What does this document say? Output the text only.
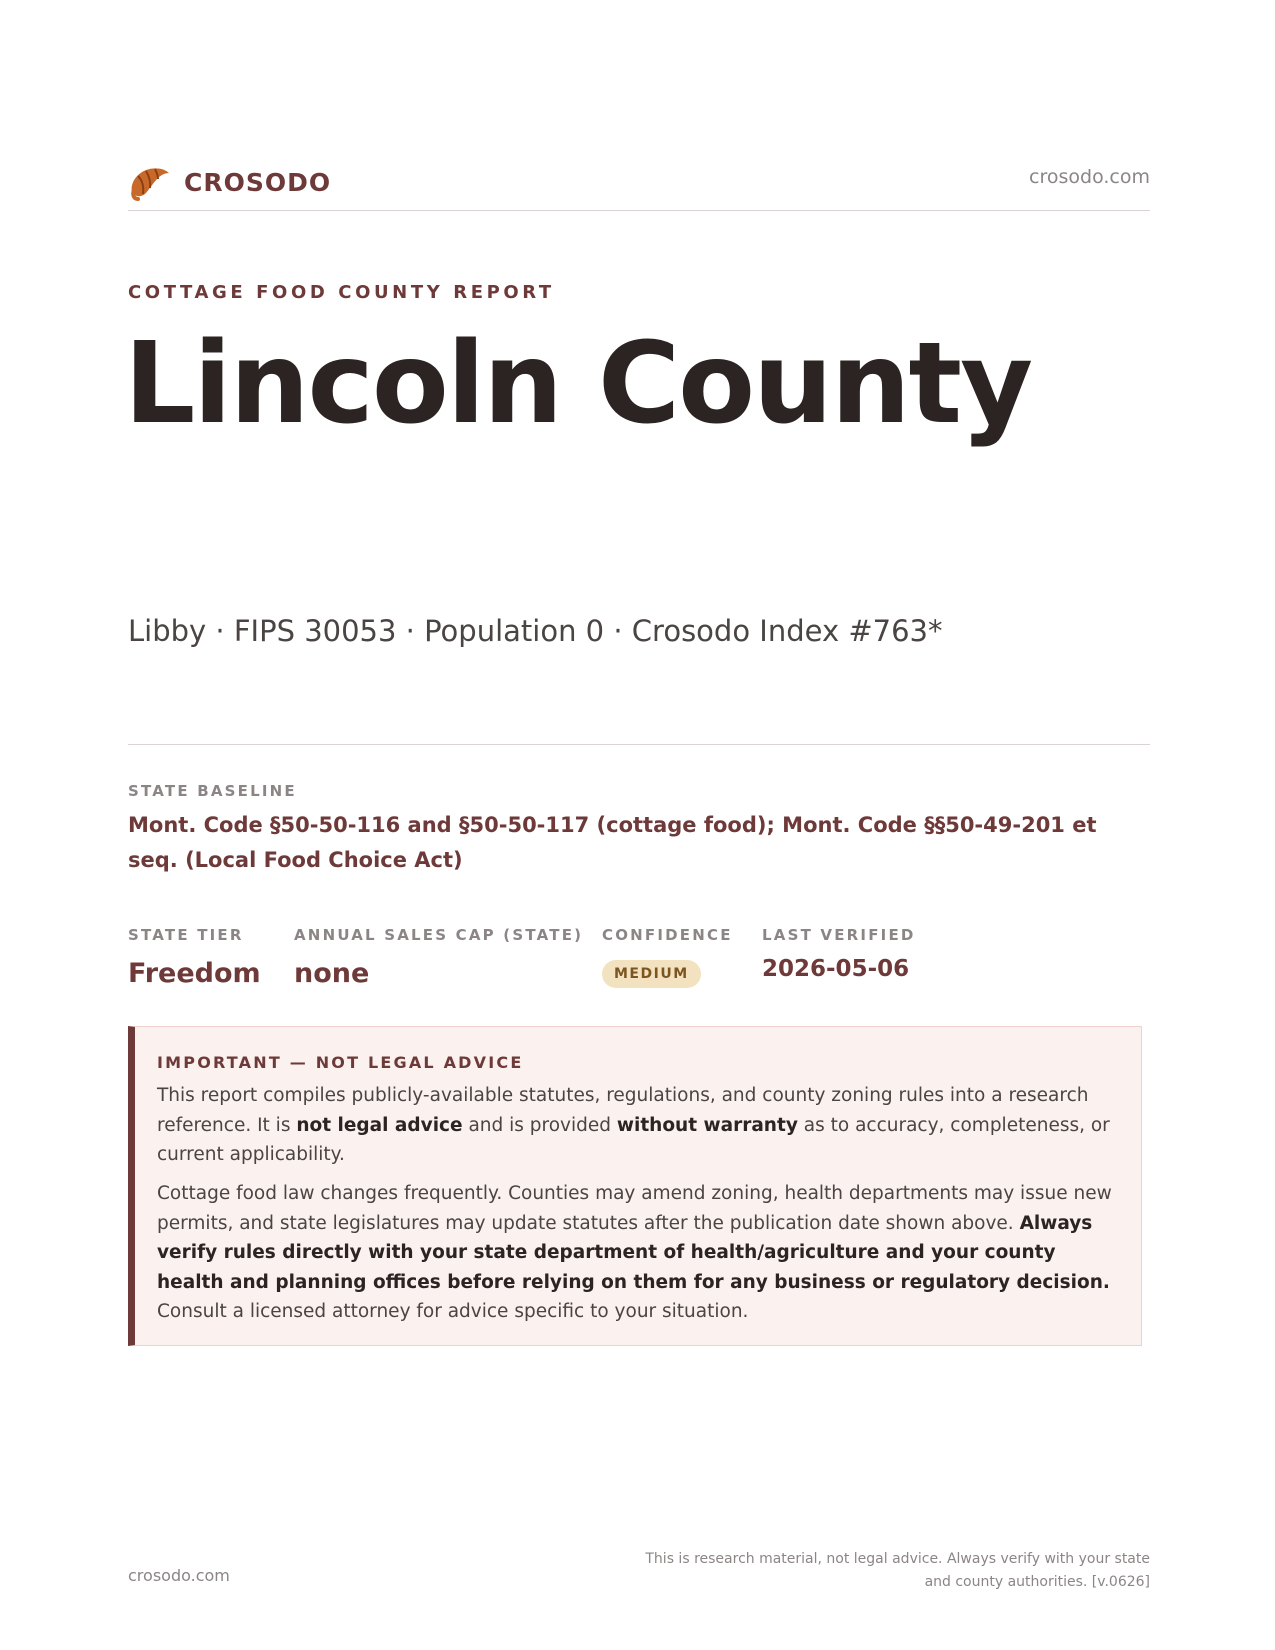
CROSODO	crosodo.com
COTTAGE FOOD COUNTY REPORT
Lincoln County
Libby · FIPS 30053 · Population 0 · Crosodo Index #763*
STATE BASELINE
Mont. Code §50-50-116 and §50-50-117 (cottage food); Mont. Code §§50-49-201 et seq. (Local Food Choice Act)
STATE TIER
Freedom
ANNUAL SALES CAP (STATE)
none
CONFIDENCE
MEDIUM
LAST VERIFIED
2026-05-06
IMPORTANT — NOT LEGAL ADVICE

This report compiles publicly-available statutes, regulations, and county zoning rules into a research reference. It is not legal advice and is provided without warranty as to accuracy, completeness, or current applicability.

Cottage food law changes frequently. Counties may amend zoning, health departments may issue new permits, and state legislatures may update statutes after the publication date shown above. Always verify rules directly with your state department of health/agriculture and your county health and planning offices before relying on them for any business or regulatory decision. Consult a licensed attorney for advice specific to your situation.

crosodo.com
This is research material, not legal advice. Always verify with your state and county authorities. [v.0626]
